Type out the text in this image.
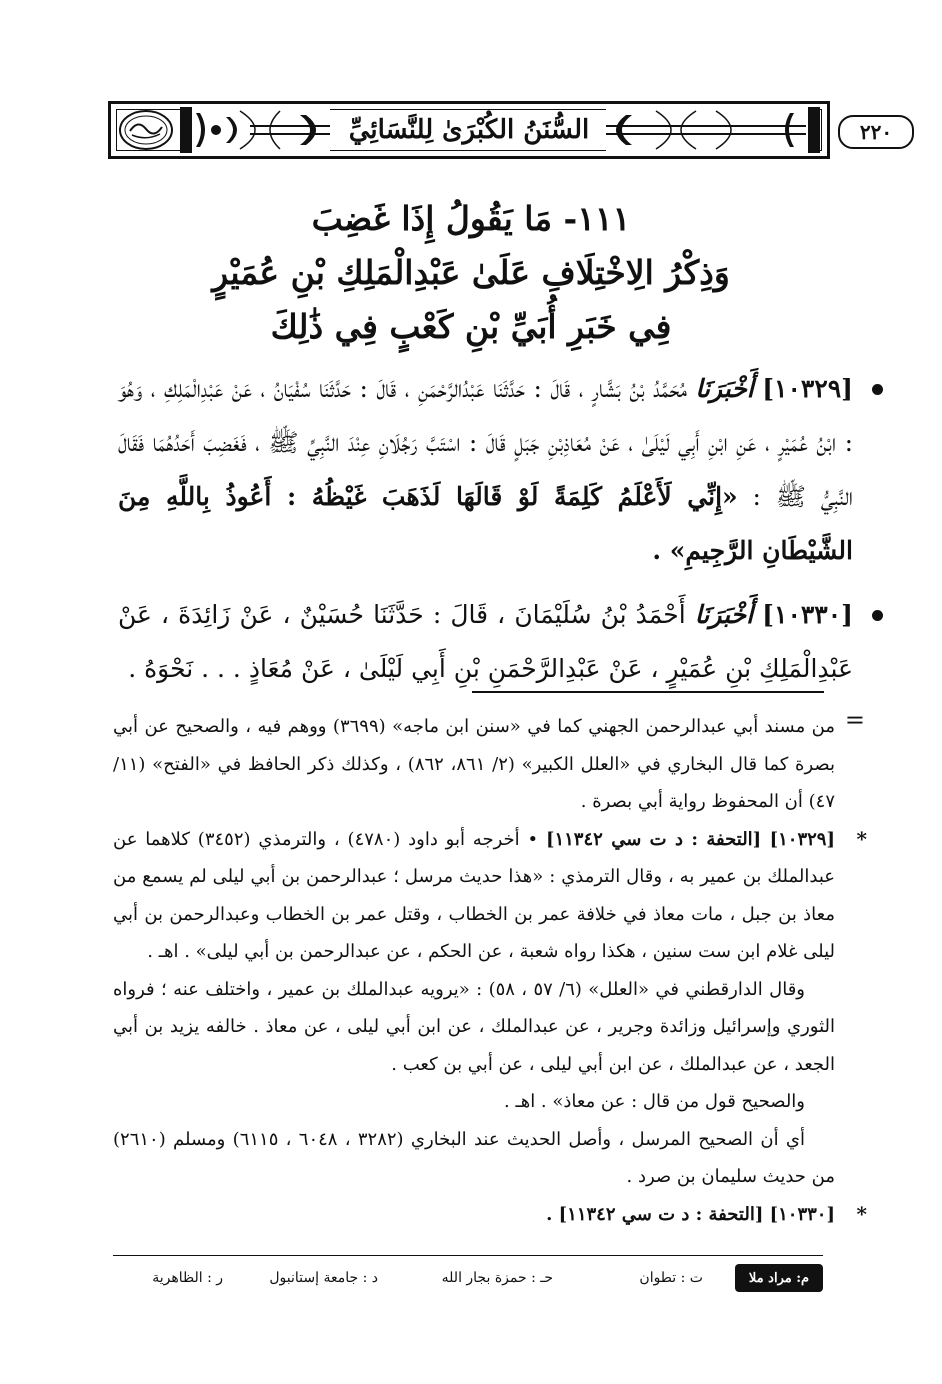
السُّنَنُ الكُبْرَىٰ لِلنَّسَائِيِّ	٢٢٠
١١١- مَا يَقُولُ إِذَا غَضِبَ
وَذِكْرُ الِاخْتِلَافِ عَلَىٰ عَبْدِالْمَلِكِ بْنِ عُمَيْرٍ
فِي خَبَرِ أُبَيِّ بْنِ كَعْبٍ فِي ذَٰلِكَ

[١٠٣٢٩] أَخْبَرَنَا مُحَمَّدُ بْنُ بَشَّارٍ ، قَالَ : حَدَّثَنَا عَبْدُالرَّحْمَنِ ، قَالَ : حَدَّثَنَا سُفْيَانُ ، عَنْ عَبْدِالْمَلِكِ ، وَهُوَ : ابْنُ عُمَيْرٍ ، عَنِ ابْنِ أَبِي لَيْلَىٰ ، عَنْ مُعَاذِبْنِ جَبَلٍ قَالَ : اسْتَبَّ رَجُلَانِ عِنْدَ النَّبِيِّ ﷺ ، فَغَضِبَ أَحَدُهُمَا فَقَالَ النَّبِيُّ ﷺ : «إِنِّي لَأَعْلَمُ كَلِمَةً لَوْ قَالَهَا لَذَهَبَ غَيْظُهُ : أَعُوذُ بِاللَّهِ مِنَ الشَّيْطَانِ الرَّجِيمِ» .

[١٠٣٣٠] أَخْبَرَنَا أَحْمَدُ بْنُ سُلَيْمَانَ ، قَالَ : حَدَّثَنَا حُسَيْنٌ ، عَنْ زَائِدَةَ ، عَنْ عَبْدِالْمَلِكِ بْنِ عُمَيْرٍ ، عَنْ عَبْدِالرَّحْمَنِ بْنِ أَبِي لَيْلَىٰ ، عَنْ مُعَاذٍ . . . نَحْوَهُ .

=
من مسند أبي عبدالرحمن الجهني كما في «سنن ابن ماجه» (٣٦٩٩) ووهم فيه ، والصحيح عن أبي بصرة كما قال البخاري في «العلل الكبير» (٢/ ٨٦١، ٨٦٢) ، وكذلك ذكر الحافظ في «الفتح» (١١/ ٤٧) أن المحفوظ رواية أبي بصرة .

*
[١٠٣٢٩] [التحفة : د ت سي ١١٣٤٢] • أخرجه أبو داود (٤٧٨٠) ، والترمذي (٣٤٥٢) كلاهما عن عبدالملك بن عمير به ، وقال الترمذي : «هذا حديث مرسل ؛ عبدالرحمن بن أبي ليلى لم يسمع من معاذ بن جبل ، مات معاذ في خلافة عمر بن الخطاب ، وقتل عمر بن الخطاب وعبدالرحمن بن أبي ليلى غلام ابن ست سنين ، هكذا رواه شعبة ، عن الحكم ، عن عبدالرحمن بن أبي ليلى» . اهـ .

وقال الدارقطني في «العلل» (٦/ ٥٧ ، ٥٨) : «يرويه عبدالملك بن عمير ، واختلف عنه ؛ فرواه الثوري وإسرائيل وزائدة وجرير ، عن عبدالملك ، عن ابن أبي ليلى ، عن معاذ . خالفه يزيد بن أبي الجعد ، عن عبدالملك ، عن ابن أبي ليلى ، عن أبي بن كعب .

والصحيح قول من قال : عن معاذ» . اهـ .

أي أن الصحيح المرسل ، وأصل الحديث عند البخاري (٣٢٨٢ ، ٦٠٤٨ ، ٦١١٥) ومسلم (٢٦١٠) من حديث سليمان بن صرد .

*
[١٠٣٣٠] [التحفة : د ت سي ١١٣٤٢] .

م: مراد ملا
ت : تطوان
حـ : حمزة بجار الله
د : جامعة إستانبول
ر : الظاهرية
